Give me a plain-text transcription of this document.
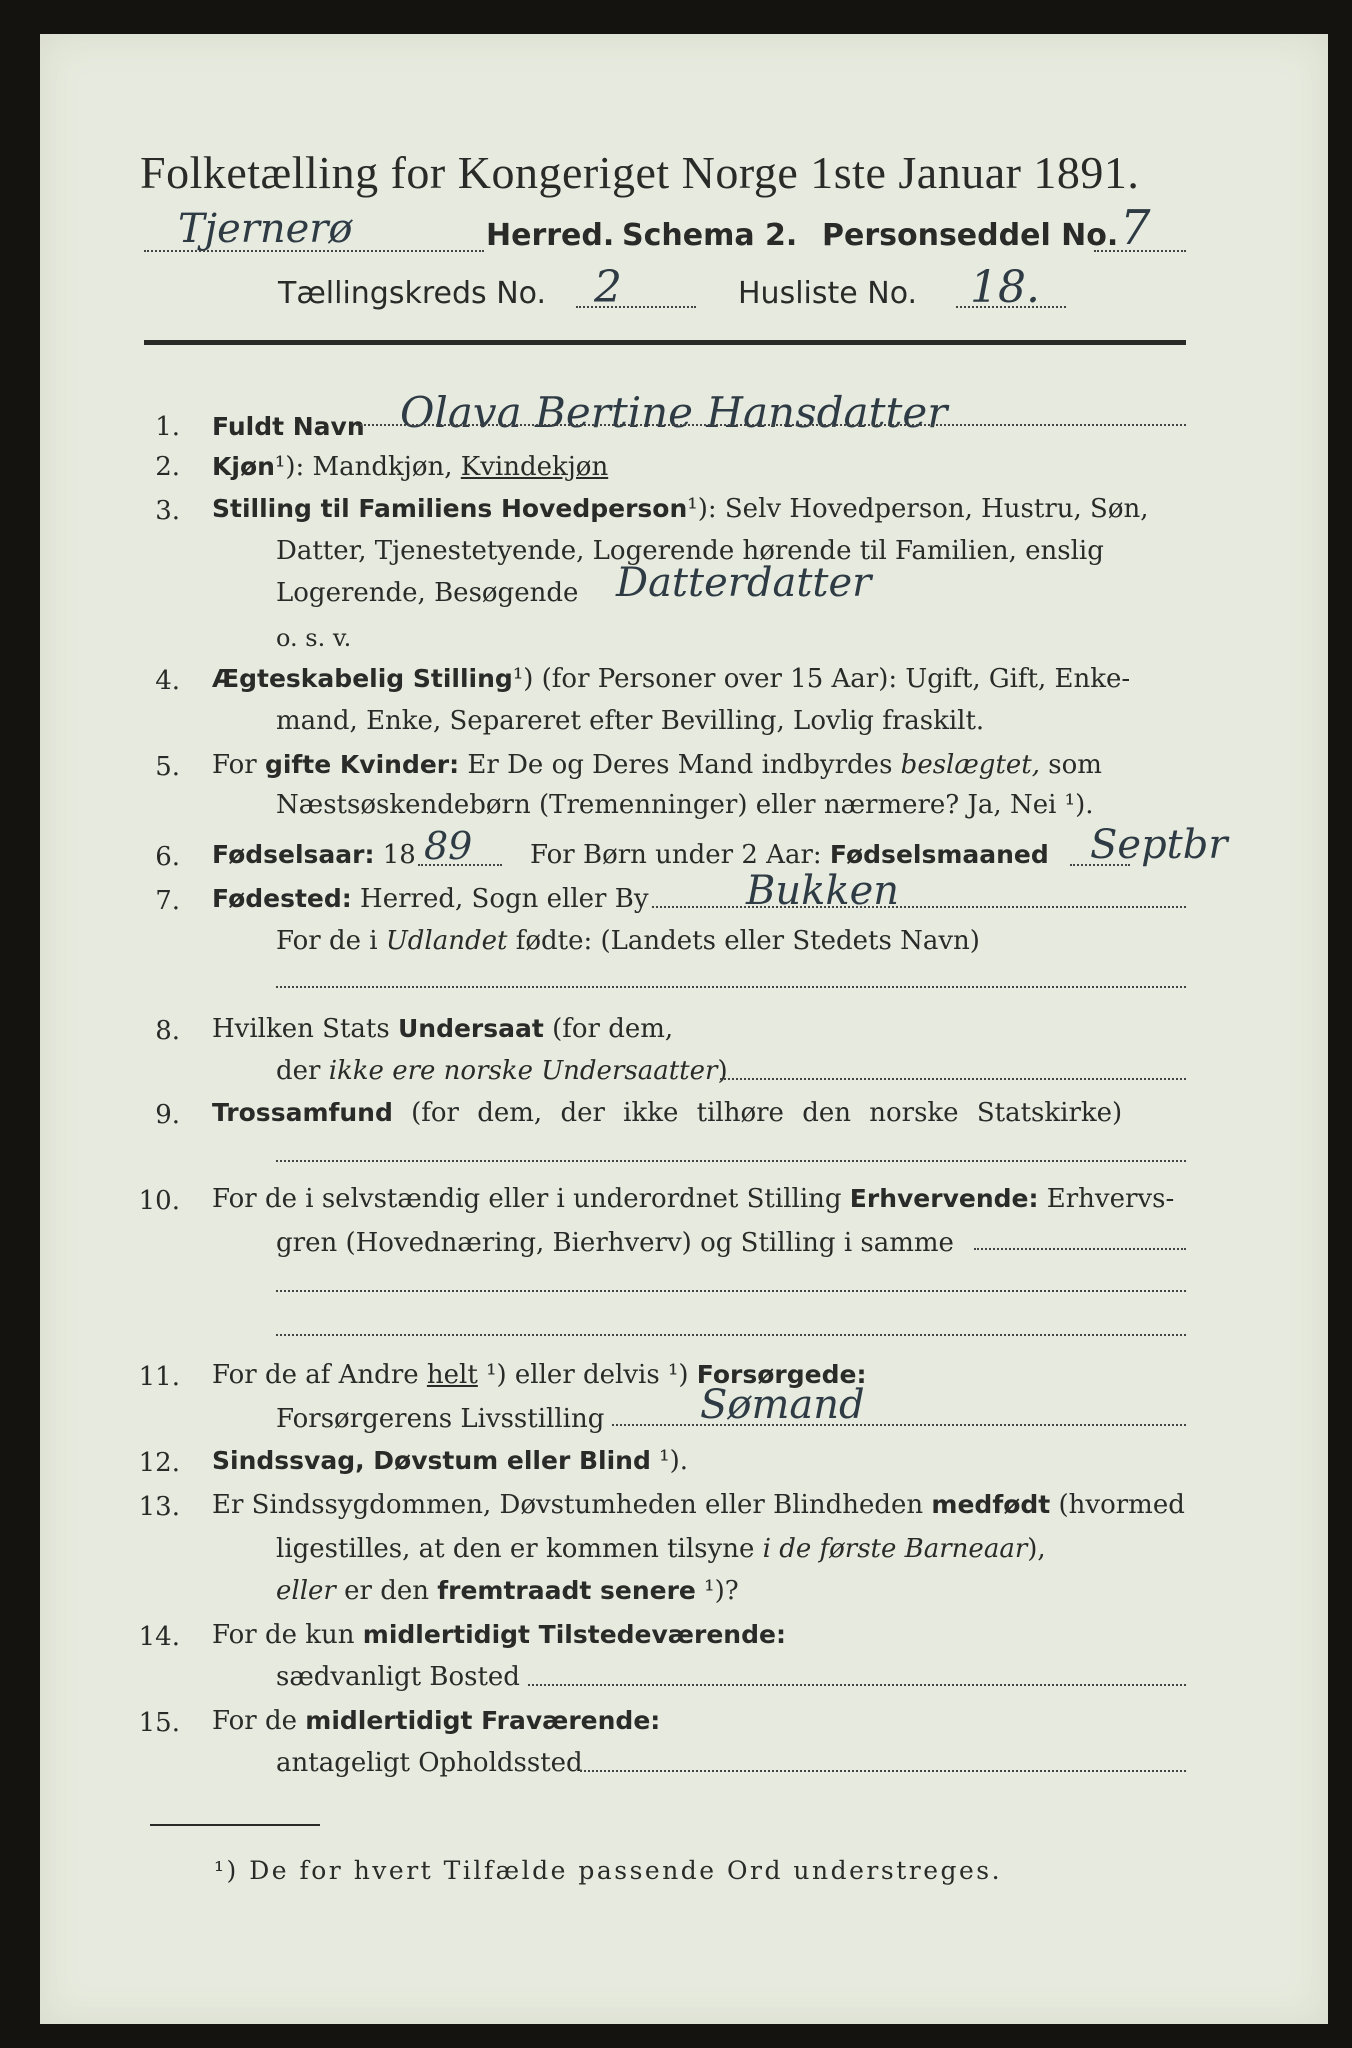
Folketælling for Kongeriget Norge 1ste Januar 1891.
Tjernerø	Herred. Schema 2. Personseddel No. 7
Tællingskreds No. 2	Husliste No. 18.
1. Fuldt Navn Olava Bertine Hansdatter
2. Kjøn¹): Mandkjøn, Kvindekjøn
3. Stilling til Familiens Hovedperson¹): Selv Hovedperson, Hustru, Søn,
Datter, Tjenestetyende, Logerende hørende til Familien, enslig
Logerende, Besøgende Datterdatter
o. s. v.
4. Ægteskabelig Stilling¹) (for Personer over 15 Aar): Ugift, Gift, Enke-
mand, Enke, Separeret efter Bevilling, Lovlig fraskilt.
5. For gifte Kvinder: Er De og Deres Mand indbyrdes beslægtet, som
Næstsøskendebørn (Tremenninger) eller nærmere? Ja, Nei ¹).
6. Fødselsaar: 18 89 For Børn under 2 Aar: Fødselsmaaned Septbr
7. Fødested: Herred, Sogn eller By Bukken
For de i Udlandet fødte: (Landets eller Stedets Navn)
8. Hvilken Stats Undersaat (for dem,
der ikke ere norske Undersaatter)
9. Trossamfund (for dem, der ikke tilhøre den norske Statskirke)
10. For de i selvstændig eller i underordnet Stilling Erhvervende: Erhvervs-
gren (Hovednæring, Bierhverv) og Stilling i samme
11. For de af Andre helt ¹) eller delvis ¹) Forsørgede:
Forsørgerens Livsstilling Sømand
12. Sindssvag, Døvstum eller Blind ¹).
13. Er Sindssygdommen, Døvstumheden eller Blindheden medfødt (hvormed
ligestilles, at den er kommen tilsyne i de første Barneaar),
eller er den fremtraadt senere ¹)?
14. For de kun midlertidigt Tilstedeværende:
sædvanligt Bosted
15. For de midlertidigt Fraværende:
antageligt Opholdssted
¹) De for hvert Tilfælde passende Ord understreges.
